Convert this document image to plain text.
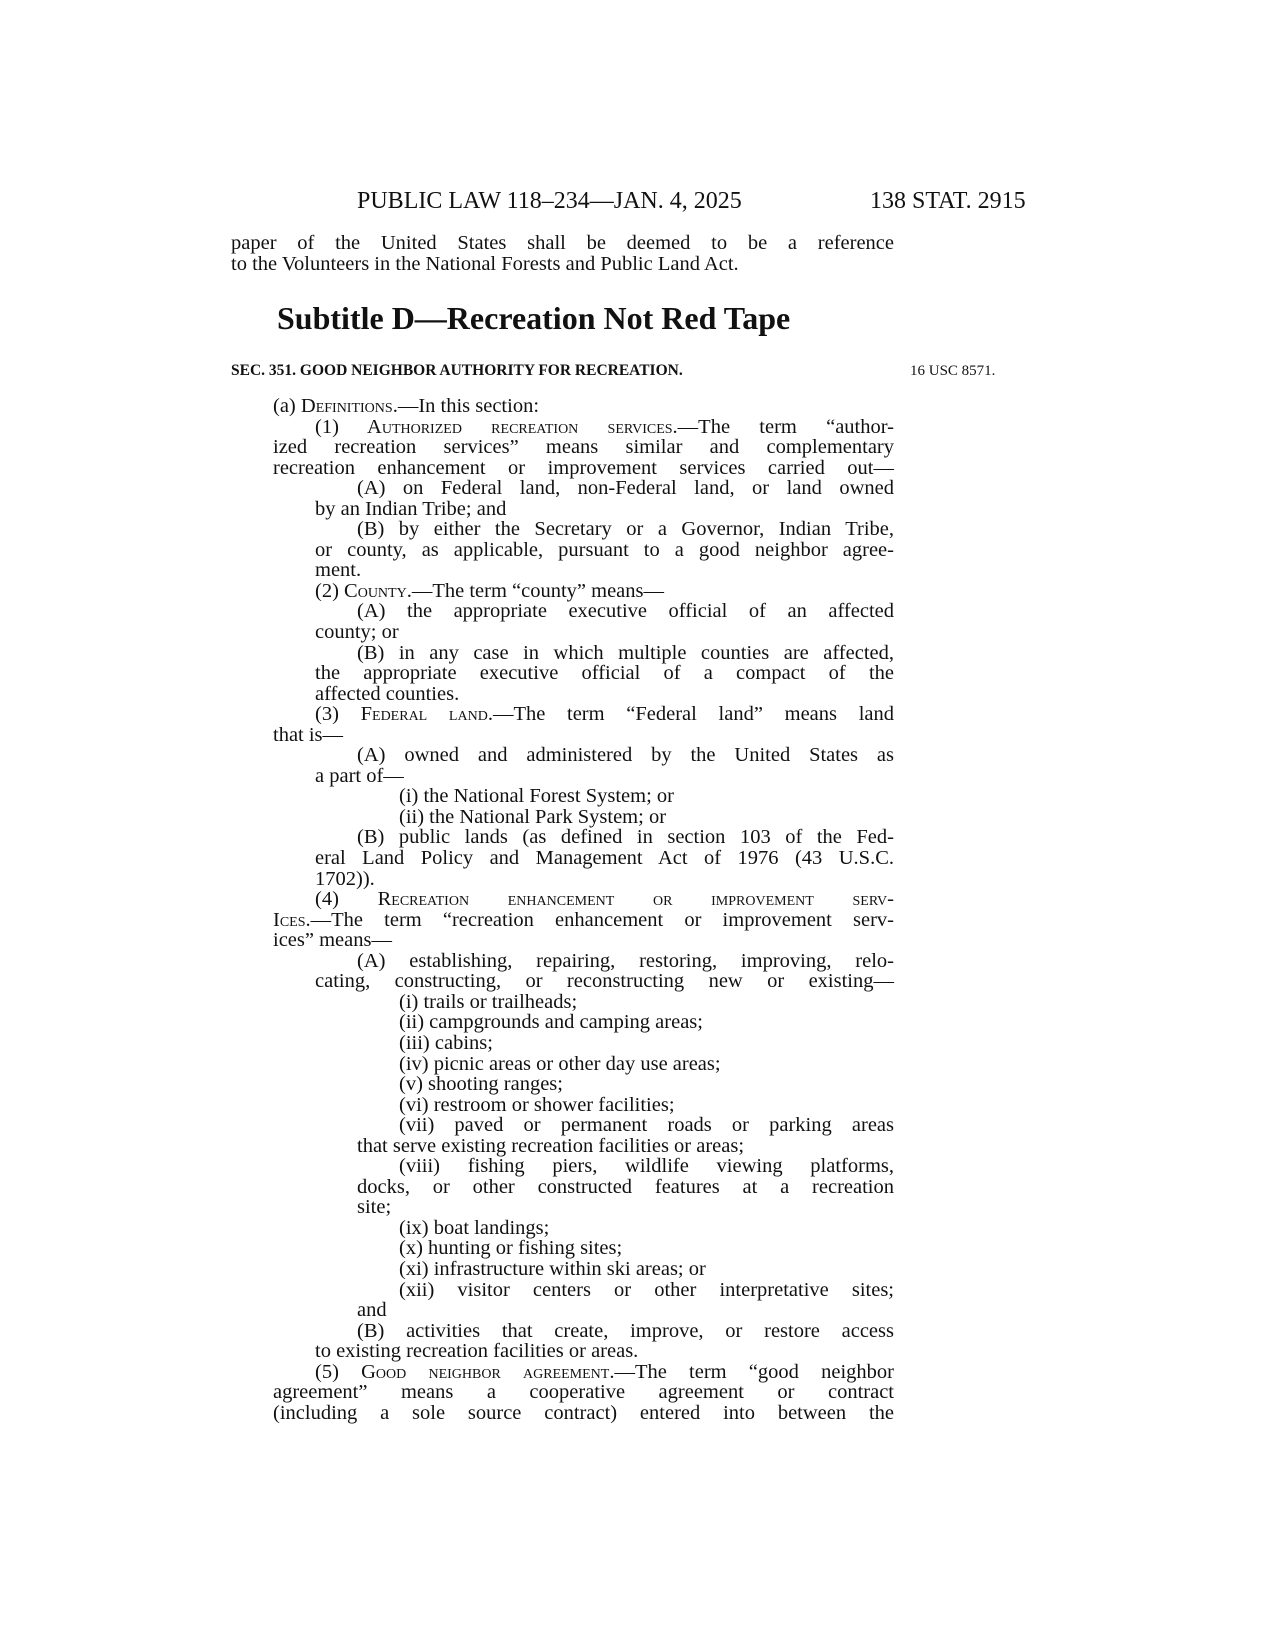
PUBLIC LAW 118–234—JAN. 4, 2025	138 STAT. 2915
paper of the United States shall be deemed to be a reference
to the Volunteers in the National Forests and Public Land Act.
Subtitle D—Recreation Not Red Tape
SEC. 351. GOOD NEIGHBOR AUTHORITY FOR RECREATION.	16 USC 8571.
(a) Definitions.—In this section:
(1) Authorized recreation services.—The term “author-
ized recreation services” means similar and complementary
recreation enhancement or improvement services carried out—
(A) on Federal land, non-Federal land, or land owned
by an Indian Tribe; and
(B) by either the Secretary or a Governor, Indian Tribe,
or county, as applicable, pursuant to a good neighbor agree-
ment.
(2) County.—The term “county” means—
(A) the appropriate executive official of an affected
county; or
(B) in any case in which multiple counties are affected,
the appropriate executive official of a compact of the
affected counties.
(3) Federal land.—The term “Federal land” means land
that is—
(A) owned and administered by the United States as
a part of—
(i) the National Forest System; or
(ii) the National Park System; or
(B) public lands (as defined in section 103 of the Fed-
eral Land Policy and Management Act of 1976 (43 U.S.C.
1702)).
(4) Recreation enhancement or improvement serv-
Ices.—The term “recreation enhancement or improvement serv-
ices” means—
(A) establishing, repairing, restoring, improving, relo-
cating, constructing, or reconstructing new or existing—
(i) trails or trailheads;
(ii) campgrounds and camping areas;
(iii) cabins;
(iv) picnic areas or other day use areas;
(v) shooting ranges;
(vi) restroom or shower facilities;
(vii) paved or permanent roads or parking areas
that serve existing recreation facilities or areas;
(viii) fishing piers, wildlife viewing platforms,
docks, or other constructed features at a recreation
site;
(ix) boat landings;
(x) hunting or fishing sites;
(xi) infrastructure within ski areas; or
(xii) visitor centers or other interpretative sites;
and
(B) activities that create, improve, or restore access
to existing recreation facilities or areas.
(5) Good neighbor agreement.—The term “good neighbor
agreement” means a cooperative agreement or contract
(including a sole source contract) entered into between the
